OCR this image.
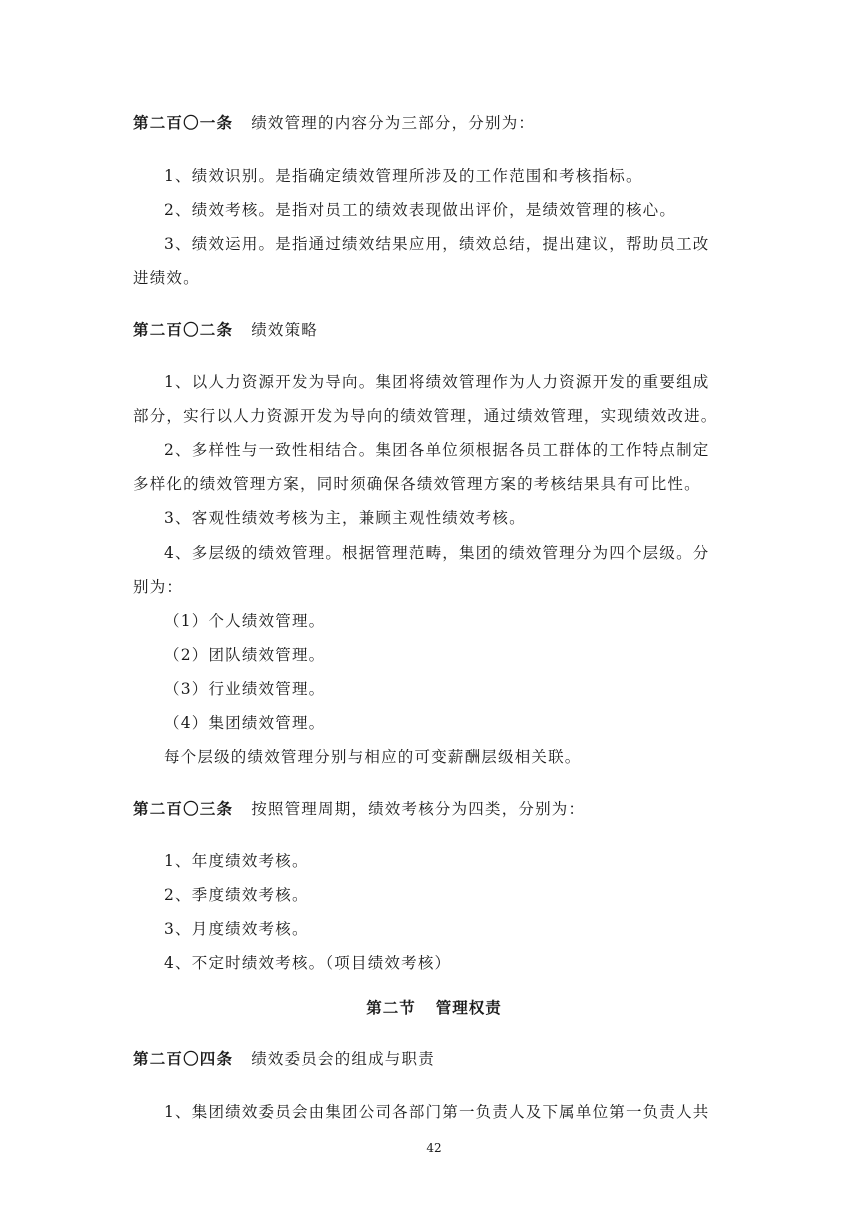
第二百〇一条 绩效管理的内容分为三部分，分别为：
1、绩效识别。是指确定绩效管理所涉及的工作范围和考核指标。
2、绩效考核。是指对员工的绩效表现做出评价，是绩效管理的核心。
3、绩效运用。是指通过绩效结果应用，绩效总结，提出建议，帮助员工改
进绩效。
第二百〇二条 绩效策略
1、以人力资源开发为导向。集团将绩效管理作为人力资源开发的重要组成
部分，实行以人力资源开发为导向的绩效管理，通过绩效管理，实现绩效改进。
2、多样性与一致性相结合。集团各单位须根据各员工群体的工作特点制定
多样化的绩效管理方案，同时须确保各绩效管理方案的考核结果具有可比性。
3、客观性绩效考核为主，兼顾主观性绩效考核。
4、多层级的绩效管理。根据管理范畴，集团的绩效管理分为四个层级。分
别为：
（1）个人绩效管理。
（2）团队绩效管理。
（3）行业绩效管理。
（4）集团绩效管理。
每个层级的绩效管理分别与相应的可变薪酬层级相关联。
第二百〇三条 按照管理周期，绩效考核分为四类，分别为：
1、年度绩效考核。
2、季度绩效考核。
3、月度绩效考核。
4、不定时绩效考核。（项目绩效考核）
第二节 管理权责
第二百〇四条 绩效委员会的组成与职责
1、集团绩效委员会由集团公司各部门第一负责人及下属单位第一负责人共
42
